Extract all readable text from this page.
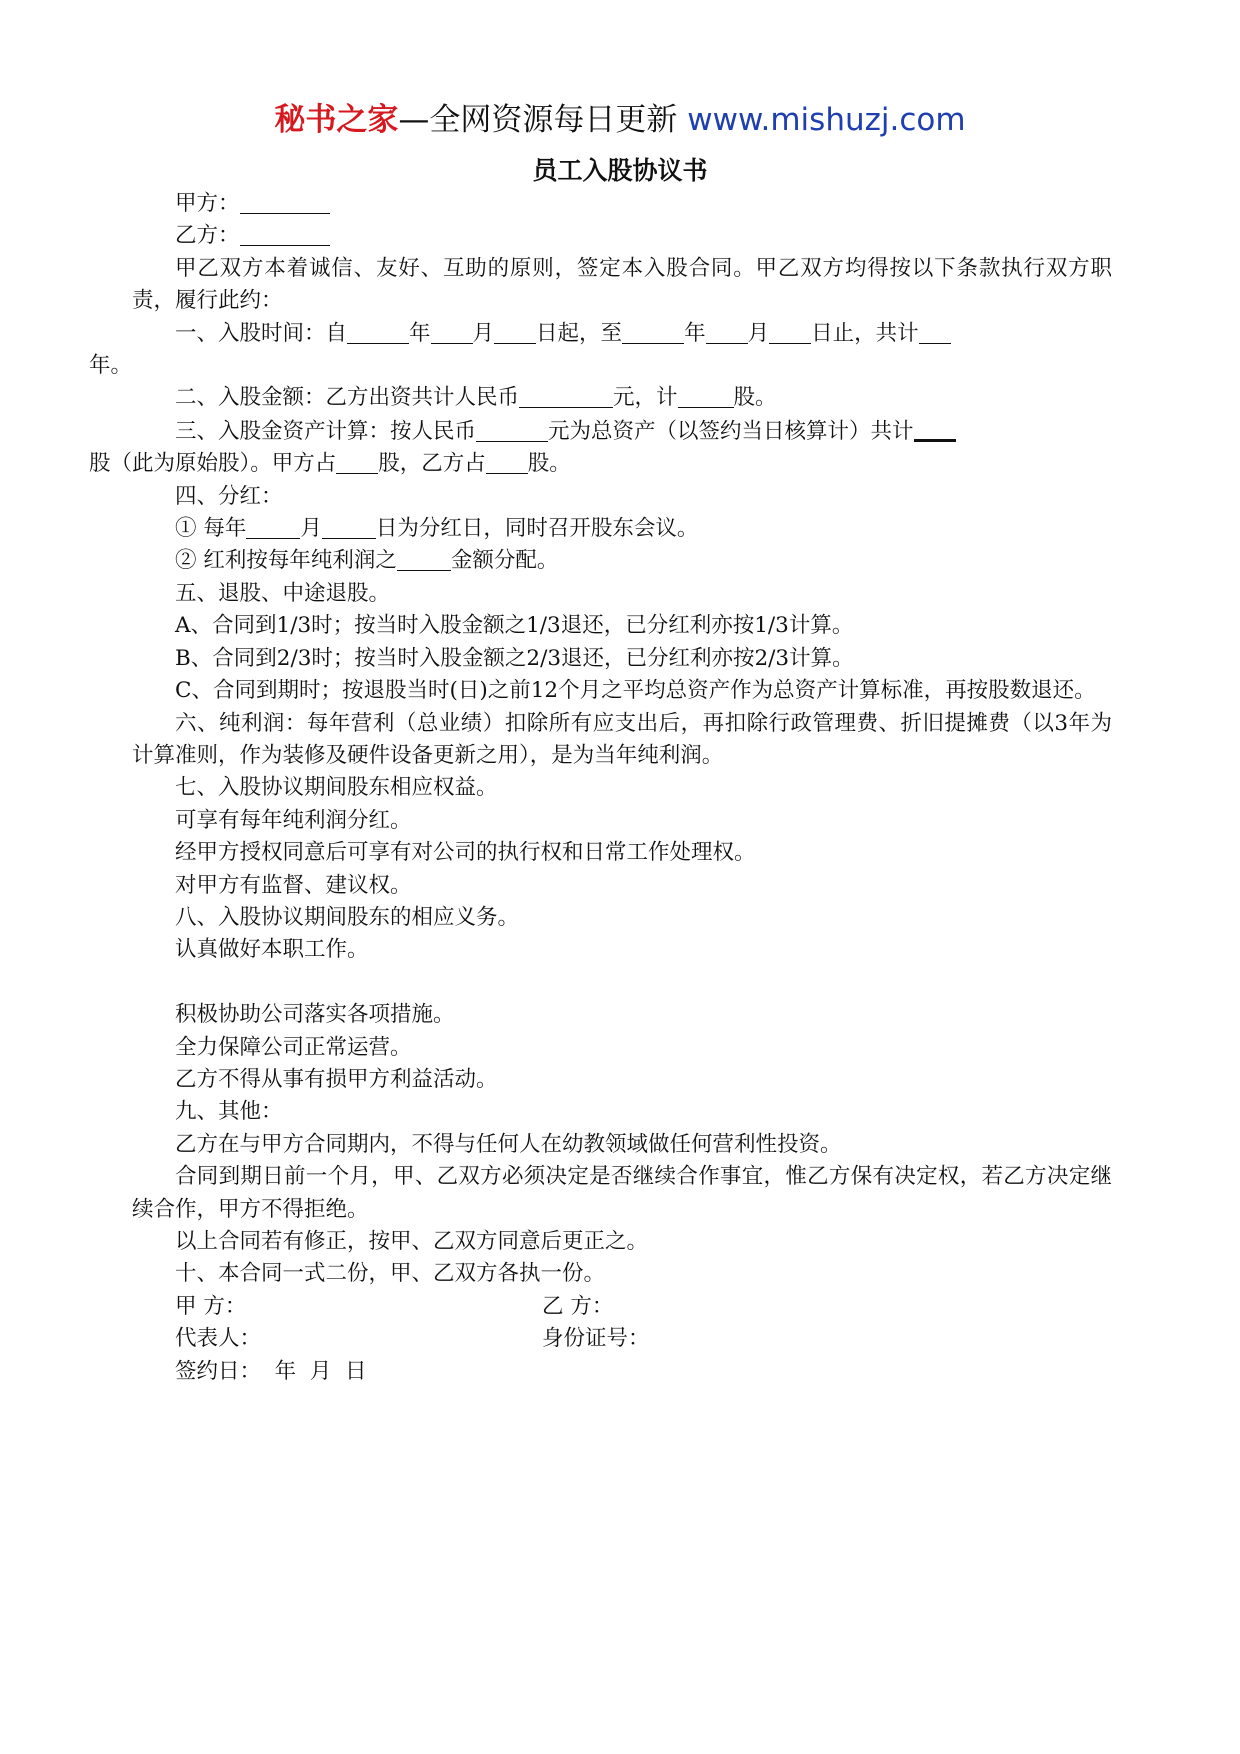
秘书之家—全网资源每日更新 www.mishuzj.com
员工入股协议书

甲方：

乙方：

甲乙双方本着诚信、友好、互助的原则，签定本入股合同。甲乙双方均得按以下条款执行双方职责，履行此约：

一、入股时间：自	年 月 日起，至	年 月 日止，共计
年。

二、入股金额：乙方出资共计人民币	元，计	股。

三、入股金资产计算：按人民币	元为总资产（以签约当日核算计）共计
股（此为原始股）。甲方占 股，乙方占 股。

四、分红：

① 每年	月	日为分红日，同时召开股东会议。

② 红利按每年纯利润之	金额分配。

五、退股、中途退股。

A、合同到1/3时；按当时入股金额之1/3退还，已分红利亦按1/3计算。

B、合同到2/3时；按当时入股金额之2/3退还，已分红利亦按2/3计算。

C、合同到期时；按退股当时(日)之前12个月之平均总资产作为总资产计算标准，再按股数退还。

六、纯利润：每年营利（总业绩）扣除所有应支出后，再扣除行政管理费、折旧提摊费（以3年为计算准则，作为装修及硬件设备更新之用），是为当年纯利润。

七、入股协议期间股东相应权益。

可享有每年纯利润分红。

经甲方授权同意后可享有对公司的执行权和日常工作处理权。

对甲方有监督、建议权。

八、入股协议期间股东的相应义务。

认真做好本职工作。

积极协助公司落实各项措施。

全力保障公司正常运营。

乙方不得从事有损甲方利益活动。

九、其他：

乙方在与甲方合同期内，不得与任何人在幼教领域做任何营利性投资。

合同到期日前一个月，甲、乙双方必须决定是否继续合作事宜，惟乙方保有决定权，若乙方决定继续合作，甲方不得拒绝。

以上合同若有修正，按甲、乙双方同意后更正之。

十、本合同一式二份，甲、乙双方各执一份。

甲 方：	乙 方：
代表人：	身份证号：
签约日：  年  月  日
